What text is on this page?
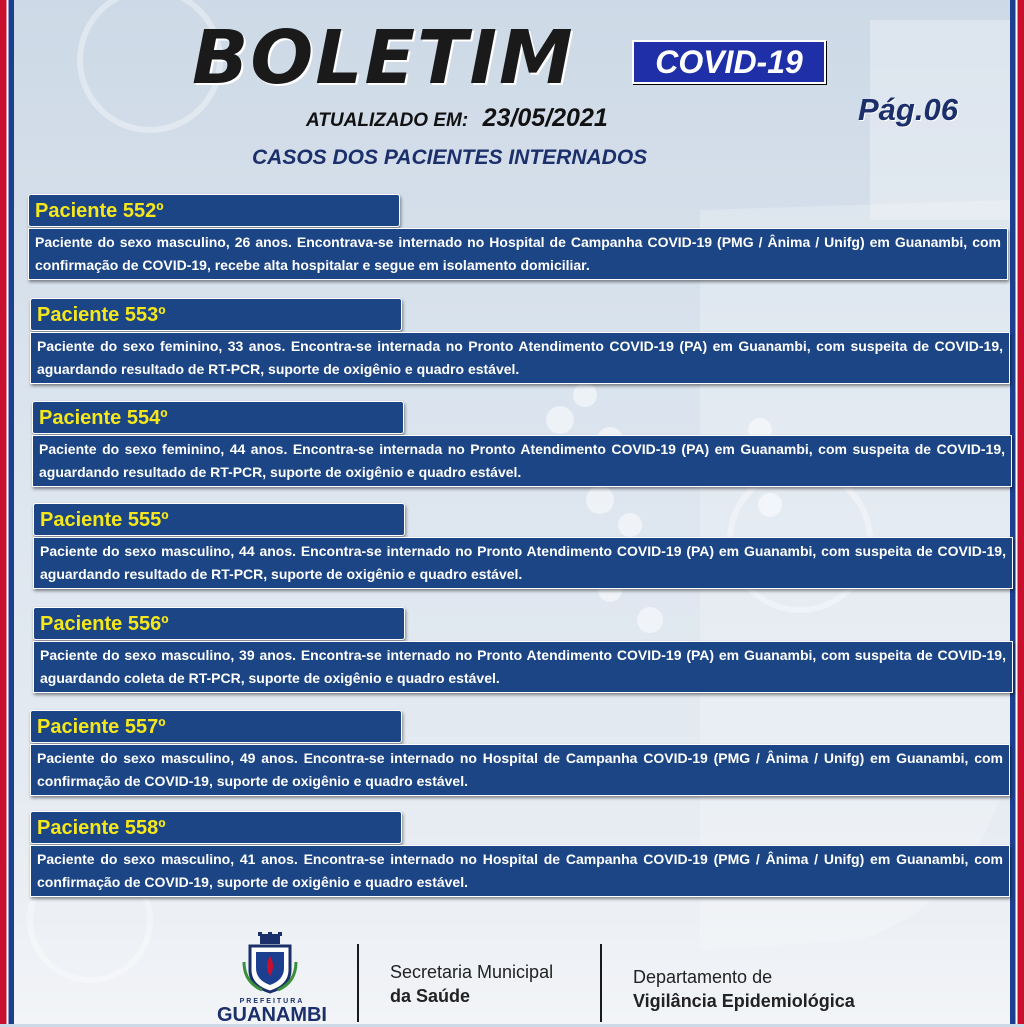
BOLETIM	COVID-19
ATUALIZADO EM: 23/05/2021	Pág.06
CASOS DOS PACIENTES INTERNADOS
Paciente 552º
Paciente do sexo masculino, 26 anos. Encontrava-se internado no Hospital de Campanha COVID-19 (PMG / Ânima / Unifg) em Guanambi, com confirmação de COVID-19, recebe alta hospitalar e segue em isolamento domiciliar.
Paciente 553º
Paciente do sexo feminino, 33 anos. Encontra-se internada no Pronto Atendimento COVID-19 (PA) em Guanambi, com suspeita de COVID-19, aguardando resultado de RT-PCR, suporte de oxigênio e quadro estável.
Paciente 554º
Paciente do sexo feminino, 44 anos. Encontra-se internada no Pronto Atendimento COVID-19 (PA) em Guanambi, com suspeita de COVID-19, aguardando resultado de RT-PCR, suporte de oxigênio e quadro estável.
Paciente 555º
Paciente do sexo masculino, 44 anos. Encontra-se internado no Pronto Atendimento COVID-19 (PA) em Guanambi, com suspeita de COVID-19, aguardando resultado de RT-PCR, suporte de oxigênio e quadro estável.
Paciente 556º
Paciente do sexo masculino, 39 anos. Encontra-se internado no Pronto Atendimento COVID-19 (PA) em Guanambi, com suspeita de COVID-19, aguardando coleta de RT-PCR, suporte de oxigênio e quadro estável.
Paciente 557º
Paciente do sexo masculino, 49 anos. Encontra-se internado no Hospital de Campanha COVID-19 (PMG / Ânima / Unifg) em Guanambi, com confirmação de COVID-19, suporte de oxigênio e quadro estável.
Paciente 558º
Paciente do sexo masculino, 41 anos. Encontra-se internado no Hospital de Campanha COVID-19 (PMG / Ânima / Unifg) em Guanambi, com confirmação de COVID-19, suporte de oxigênio e quadro estável.
PREFEITURA
GUANAMBI
Secretaria Municipal
da Saúde
Departamento de
Vigilância Epidemiológica
